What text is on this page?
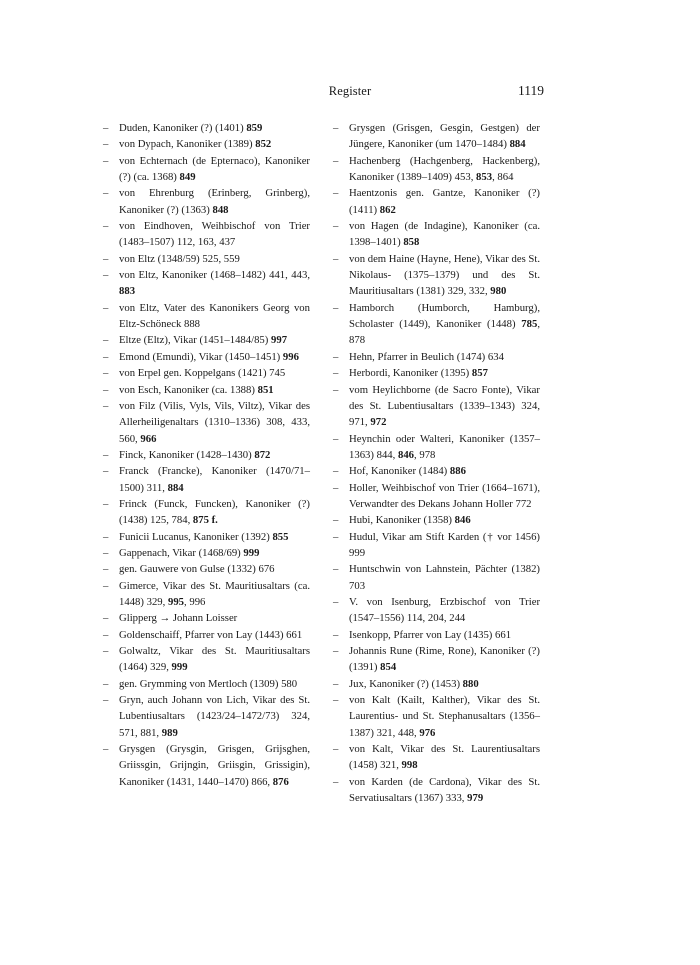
Register	1119
– Duden, Kanoniker (?) (1401) 859
– von Dypach, Kanoniker (1389) 852
– von Echternach (de Epternaco), Kanoniker (?) (ca. 1368) 849
– von Ehrenburg (Erinberg, Grinberg), Kanoniker (?) (1363) 848
– von Eindhoven, Weihbischof von Trier (1483–1507) 112, 163, 437
– von Eltz (1348/59) 525, 559
– von Eltz, Kanoniker (1468–1482) 441, 443, 883
– von Eltz, Vater des Kanonikers Georg von Eltz-Schöneck 888
– Eltze (Eltz), Vikar (1451–1484/85) 997
– Emond (Emundi), Vikar (1450–1451) 996
– von Erpel gen. Koppelgans (1421) 745
– von Esch, Kanoniker (ca. 1388) 851
– von Filz (Vilis, Vyls, Vils, Viltz), Vikar des Allerheiligenaltars (1310–1336) 308, 433, 560, 966
– Finck, Kanoniker (1428–1430) 872
– Franck (Francke), Kanoniker (1470/71–1500) 311, 884
– Frinck (Funck, Funcken), Kanoniker (?) (1438) 125, 784, 875 f.
– Funicii Lucanus, Kanoniker (1392) 855
– Gappenach, Vikar (1468/69) 999
– gen. Gauwere von Gulse (1332) 676
– Gimerce, Vikar des St. Mauritiusaltars (ca. 1448) 329, 995, 996
– Glipperg → Johann Loisser
– Goldenschaiff, Pfarrer von Lay (1443) 661
– Golwaltz, Vikar des St. Mauritiusaltars (1464) 329, 999
– gen. Grymming von Mertloch (1309) 580
– Gryn, auch Johann von Lich, Vikar des St. Lubentiusaltars (1423/24–1472/73) 324, 571, 881, 989
– Grysgen (Grysgin, Grisgen, Grijsghen, Griissgin, Grijngin, Griisgin, Grissigin), Kanoniker (1431, 1440–1470) 866, 876
– Grysgen (Grisgen, Gesgin, Gestgen) der Jüngere, Kanoniker (um 1470–1484) 884
– Hachenberg (Hachgenberg, Hackenberg), Kanoniker (1389–1409) 453, 853, 864
– Haentzonis gen. Gantze, Kanoniker (?) (1411) 862
– von Hagen (de Indagine), Kanoniker (ca. 1398–1401) 858
– von dem Haine (Hayne, Hene), Vikar des St. Nikolaus- (1375–1379) und des St. Mauritiusaltars (1381) 329, 332, 980
– Hamborch (Humborch, Hamburg), Scholaster (1449), Kanoniker (1448) 785, 878
– Hehn, Pfarrer in Beulich (1474) 634
– Herbordi, Kanoniker (1395) 857
– vom Heylichborne (de Sacro Fonte), Vikar des St. Lubentiusaltars (1339–1343) 324, 971, 972
– Heynchin oder Walteri, Kanoniker (1357–1363) 844, 846, 978
– Hof, Kanoniker (1484) 886
– Holler, Weihbischof von Trier (1664–1671), Verwandter des Dekans Johann Holler 772
– Hubi, Kanoniker (1358) 846
– Hudul, Vikar am Stift Karden († vor 1456) 999
– Huntschwin von Lahnstein, Pächter (1382) 703
– V. von Isenburg, Erzbischof von Trier (1547–1556) 114, 204, 244
– Isenkopp, Pfarrer von Lay (1435) 661
– Johannis Rune (Rime, Rone), Kanoniker (?) (1391) 854
– Jux, Kanoniker (?) (1453) 880
– von Kalt (Kailt, Kalther), Vikar des St. Laurentius- und St. Stephanusaltars (1356–1387) 321, 448, 976
– von Kalt, Vikar des St. Laurentiusaltars (1458) 321, 998
– von Karden (de Cardona), Vikar des St. Servatiusaltars (1367) 333, 979
